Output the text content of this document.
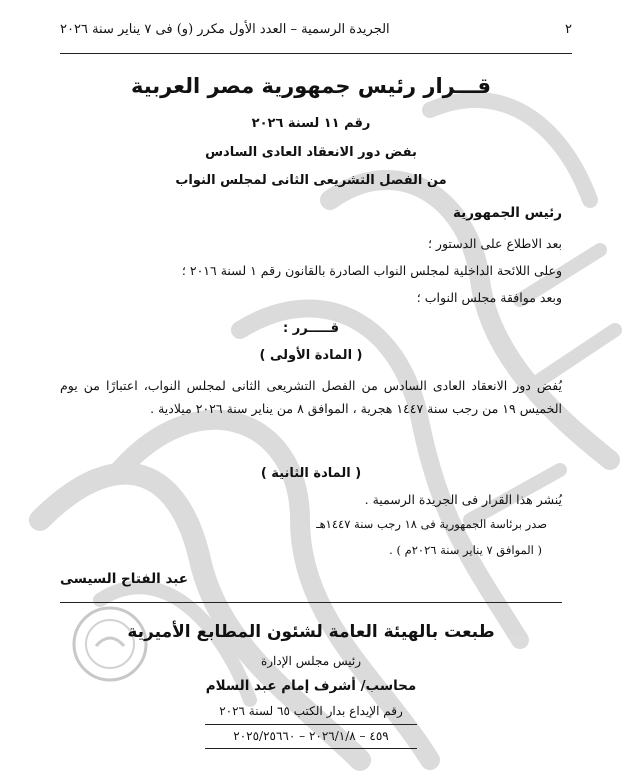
٢
الجريدة الرسمية – العدد الأول مكرر (و) فى ٧ يناير سنة ٢٠٢٦
قـــرار رئيس جمهورية مصر العربية
رقم ١١ لسنة ٢٠٢٦
بفض دور الانعقاد العادى السادس
من الفصل التشريعى الثانى لمجلس النواب
رئيس الجمهورية
بعد الاطلاع على الدستور ؛
وعلى اللائحة الداخلية لمجلس النواب الصادرة بالقانون رقم ١ لسنة ٢٠١٦ ؛
وبعد موافقة مجلس النواب ؛
قـــــرر :
( المادة الأولى )
يُفض دور الانعقاد العادى السادس من الفصل التشريعى الثانى لمجلس النواب، اعتبارًا من يوم الخميس ١٩ من رجب سنة ١٤٤٧ هجرية ، الموافق ٨ من يناير سنة ٢٠٢٦ ميلادية .
( المادة الثانية )
يُنشر هذا القرار فى الجريدة الرسمية .
صدر برئاسة الجمهورية فى ١٨ رجب سنة ١٤٤٧هـ
( الموافق ٧ يناير سنة ٢٠٢٦م ) .
عبد الفتاح السيسى
طبعت بالهيئة العامة لشئون المطابع الأميرية
رئيس مجلس الإدارة
محاسب/ أشرف إمام عبد السلام
رقم الإيداع بدار الكتب ٦٥ لسنة ٢٠٢٦
٤٥٩ – ٢٠٢٦/١/٨ – ٢٠٢٥/٢٥٦٦٠
